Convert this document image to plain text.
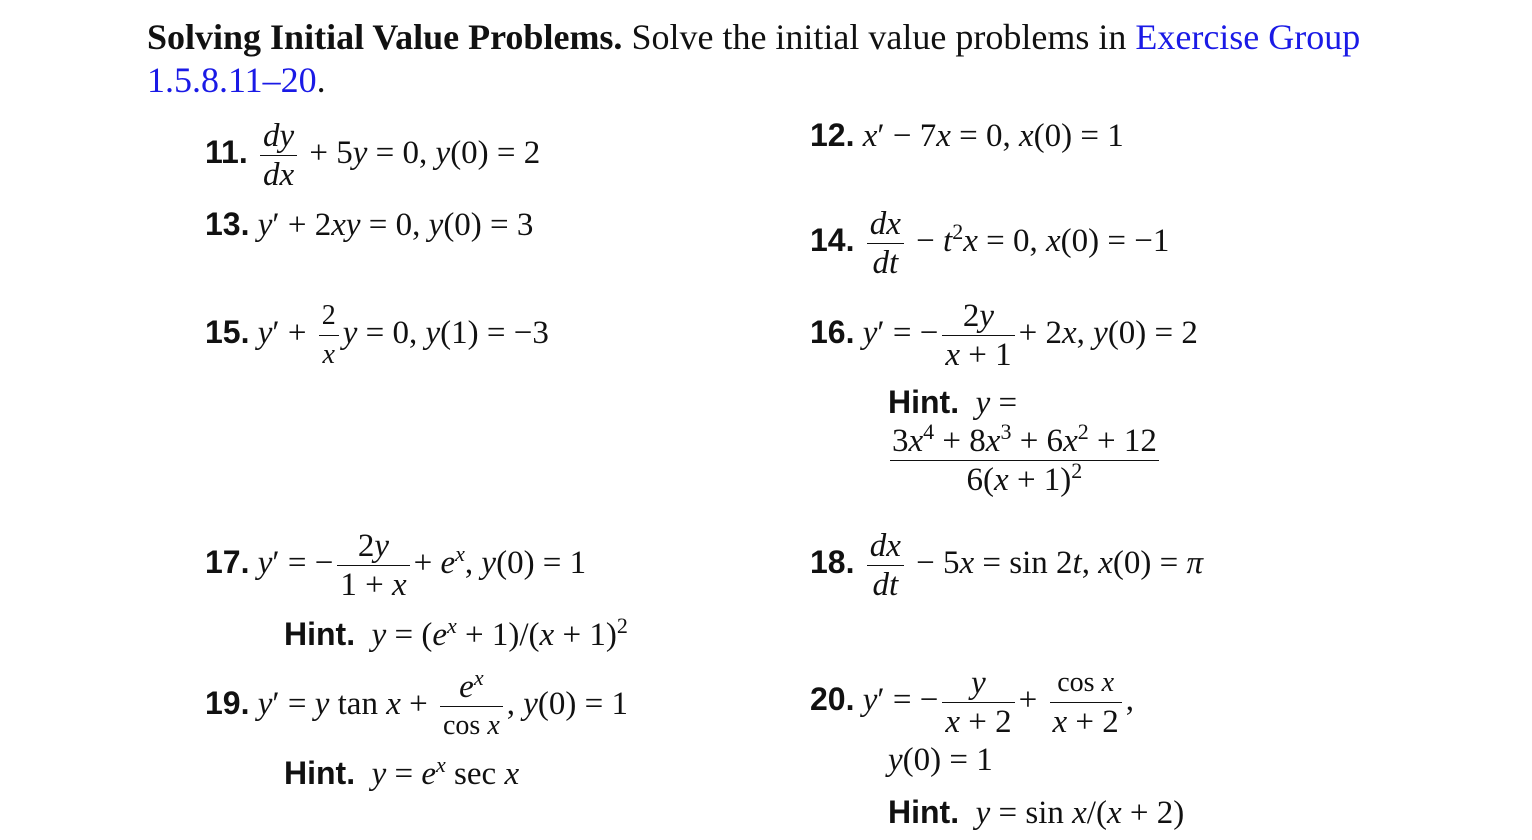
Solving Initial Value Problems. Solve the initial value problems in Exercise Group 1.5.8.11–20.
11. $\frac{dy}{dx} + 5y = 0$, y(0) = 2
12. x′ − 7x = 0, x(0) = 1
13. y′ + 2xy = 0, y(0) = 3	14. $\frac{dx}{dt} - t^2x = 0$, x(0) = −1
15. $y' + \frac{2}{x}$ y = 0, y(1) = −3	16. y′ = − $\frac{2y}{x + 1} + 2x$, y(0) = 2
Hint. y =
$\frac{3x^4 + 8x^3 + 6x^2 + 12}{6(x + 1)^2}$
17. y′ = − $\frac{2y}{1 + x} + e^x$, y(0) = 1
Hint. $y = (e^x + 1)/(x + 1)^2$
18. $\frac{dx}{dt} - 5x = \sin 2t$, x(0) = π
19. y′ = y $\tan x + \frac{e^x}{\text{cos x}}$ , y(0) = 1
Hint. $y = e^x$ sec x
20. y′ = − $\frac{y}{x + 2} + \frac{\text{cos x}}{x + 2}$ ,
y(0) = 1
Hint. y = sin x/(x + 2)
